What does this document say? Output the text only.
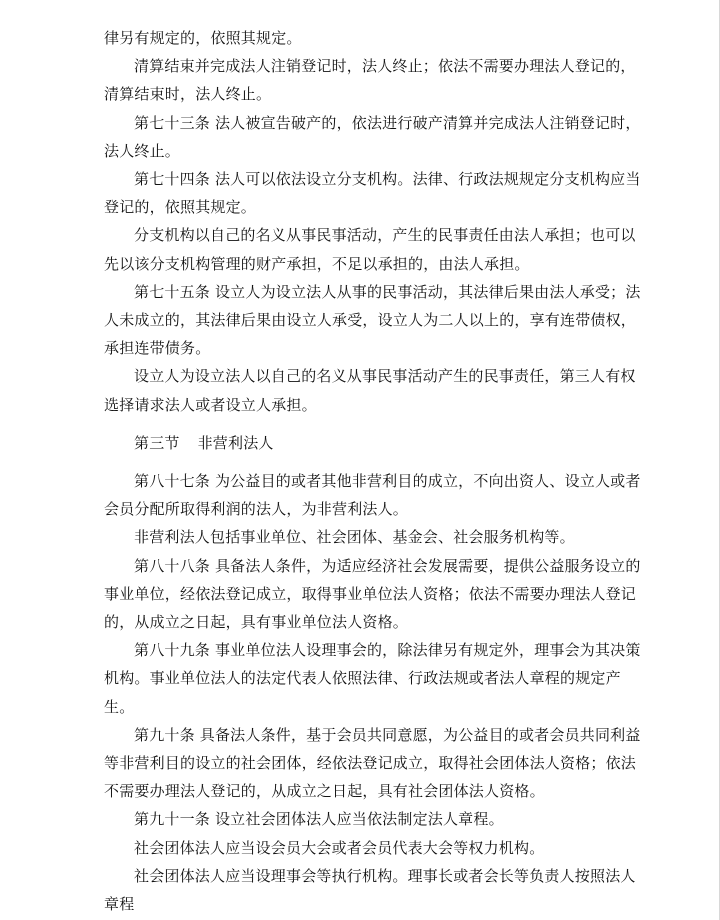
律另有规定的，依照其规定。

清算结束并完成法人注销登记时，法人终止；依法不需要办理法人登记的，清算结束时，法人终止。

第七十三条 法人被宣告破产的，依法进行破产清算并完成法人注销登记时，法人终止。

第七十四条 法人可以依法设立分支机构。法律、行政法规规定分支机构应当登记的，依照其规定。

分支机构以自己的名义从事民事活动，产生的民事责任由法人承担；也可以先以该分支机构管理的财产承担，不足以承担的，由法人承担。

第七十五条 设立人为设立法人从事的民事活动，其法律后果由法人承受；法人未成立的，其法律后果由设立人承受，设立人为二人以上的，享有连带债权，承担连带债务。

设立人为设立法人以自己的名义从事民事活动产生的民事责任，第三人有权选择请求法人或者设立人承担。

第三节 非营利法人

第八十七条 为公益目的或者其他非营利目的成立，不向出资人、设立人或者会员分配所取得利润的法人，为非营利法人。

非营利法人包括事业单位、社会团体、基金会、社会服务机构等。

第八十八条 具备法人条件，为适应经济社会发展需要，提供公益服务设立的事业单位，经依法登记成立，取得事业单位法人资格；依法不需要办理法人登记的，从成立之日起，具有事业单位法人资格。

第八十九条 事业单位法人设理事会的，除法律另有规定外，理事会为其决策机构。事业单位法人的法定代表人依照法律、行政法规或者法人章程的规定产生。

第九十条 具备法人条件，基于会员共同意愿，为公益目的或者会员共同利益等非营利目的设立的社会团体，经依法登记成立，取得社会团体法人资格；依法不需要办理法人登记的，从成立之日起，具有社会团体法人资格。

第九十一条 设立社会团体法人应当依法制定法人章程。

社会团体法人应当设会员大会或者会员代表大会等权力机构。

社会团体法人应当设理事会等执行机构。理事长或者会长等负责人按照法人章程
